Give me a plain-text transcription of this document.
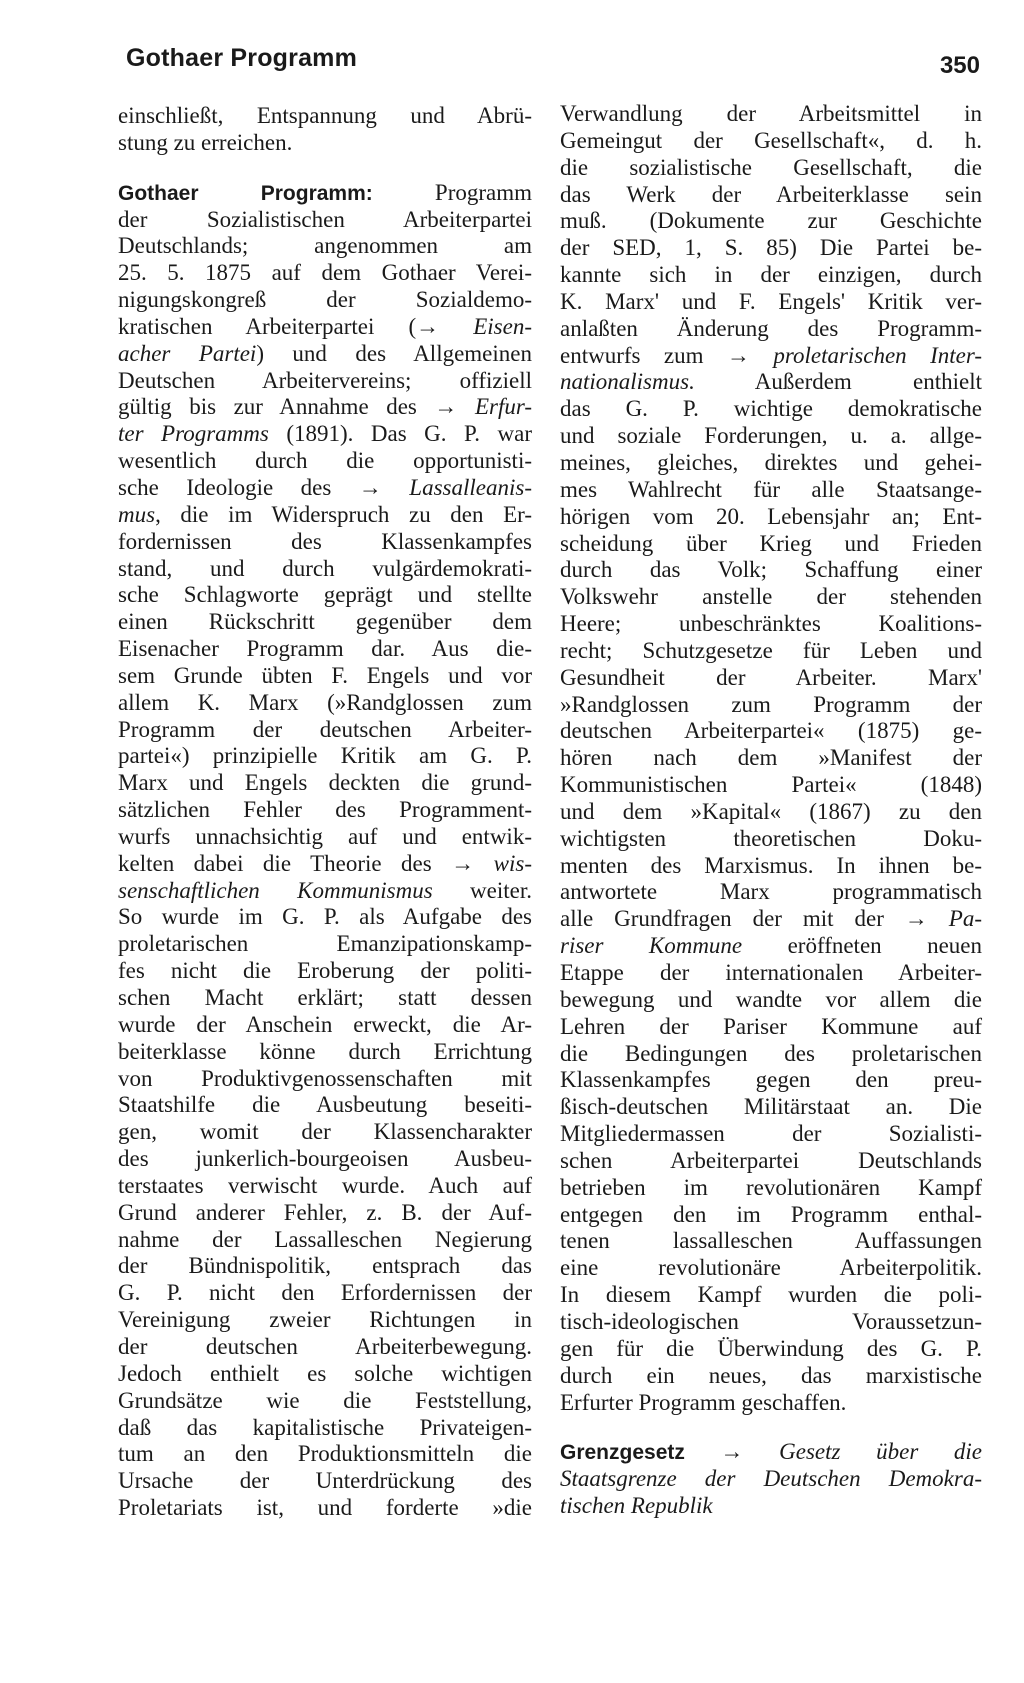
Gothaer Programm	350
einschließt, Entspannung und Abrü-
stung zu erreichen.
Gothaer Programm:	Programm
der Sozialistischen Arbeiterpartei
Deutschlands; angenommen am
25. 5. 1875 auf dem Gothaer Verei-
nigungskongreß der Sozialdemo-
kratischen Arbeiterpartei (→ Eisen-
acher Partei) und des Allgemeinen
Deutschen Arbeitervereins; offiziell
gültig bis zur Annahme des → Erfur-
ter Programms (1891). Das G. P. war
wesentlich durch die opportunisti-
sche Ideologie des → Lassalleanis-
mus, die im Widerspruch zu den Er-
fordernissen des Klassenkampfes
stand, und durch vulgärdemokrati-
sche Schlagworte geprägt und stellte
einen Rückschritt gegenüber dem
Eisenacher Programm dar. Aus die-
sem Grunde übten F. Engels und vor
allem K. Marx (»Randglossen zum
Programm der deutschen Arbeiter-
partei«) prinzipielle Kritik am G. P.
Marx und Engels deckten die grund-
sätzlichen Fehler des Programment-
wurfs unnachsichtig auf und entwik-
kelten dabei die Theorie des → wis-
senschaftlichen Kommunismus weiter.
So wurde im G. P. als Aufgabe des
proletarischen Emanzipationskamp-
fes nicht die Eroberung der politi-
schen Macht erklärt; statt dessen
wurde der Anschein erweckt, die Ar-
beiterklasse könne durch Errichtung
von Produktivgenossenschaften mit
Staatshilfe die Ausbeutung beseiti-
gen, womit der Klassencharakter
des junkerlich-bourgeoisen Ausbeu-
terstaates verwischt wurde. Auch auf
Grund anderer Fehler, z. B. der Auf-
nahme der Lassalleschen Negierung
der Bündnispolitik, entsprach das
G. P. nicht den Erfordernissen der
Vereinigung zweier Richtungen in
der deutschen Arbeiterbewegung.
Jedoch enthielt es solche wichtigen
Grundsätze wie die Feststellung,
daß das kapitalistische Privateigen-
tum an den Produktionsmitteln die
Ursache der Unterdrückung des
Proletariats ist, und forderte »die
Verwandlung der Arbeitsmittel in
Gemeingut der Gesellschaft«, d. h.
die sozialistische Gesellschaft, die
das Werk der Arbeiterklasse sein
muß. (Dokumente zur Geschichte
der SED, 1, S. 85) Die Partei be-
kannte sich in der einzigen, durch
K. Marx' und F. Engels' Kritik ver-
anlaßten Änderung des Programm-
entwurfs zum → proletarischen Inter-
nationalismus. Außerdem enthielt
das G. P. wichtige demokratische
und soziale Forderungen, u. a. allge-
meines, gleiches, direktes und gehei-
mes Wahlrecht für alle Staatsange-
hörigen vom 20. Lebensjahr an; Ent-
scheidung über Krieg und Frieden
durch das Volk; Schaffung einer
Volkswehr anstelle der stehenden
Heere; unbeschränktes Koalitions-
recht; Schutzgesetze für Leben und
Gesundheit der Arbeiter. Marx'
»Randglossen zum Programm der
deutschen Arbeiterpartei« (1875) ge-
hören nach dem »Manifest der
Kommunistischen Partei« (1848)
und dem »Kapital« (1867) zu den
wichtigsten theoretischen Doku-
menten des Marxismus. In ihnen be-
antwortete Marx programmatisch
alle Grundfragen der mit der → Pa-
riser Kommune eröffneten neuen
Etappe der internationalen Arbeiter-
bewegung und wandte vor allem die
Lehren der Pariser Kommune auf
die Bedingungen des proletarischen
Klassenkampfes gegen den preu-
ßisch-deutschen Militärstaat an. Die
Mitgliedermassen der Sozialisti-
schen Arbeiterpartei Deutschlands
betrieben im revolutionären Kampf
entgegen den im Programm enthal-
tenen lassalleschen Auffassungen
eine revolutionäre Arbeiterpolitik.
In diesem Kampf wurden die poli-
tisch-ideologischen Voraussetzun-
gen für die Überwindung des G. P.
durch ein neues, das marxistische
Erfurter Programm geschaffen.
Grenzgesetz → Gesetz über die
Staatsgrenze der Deutschen Demokra-
tischen Republik
